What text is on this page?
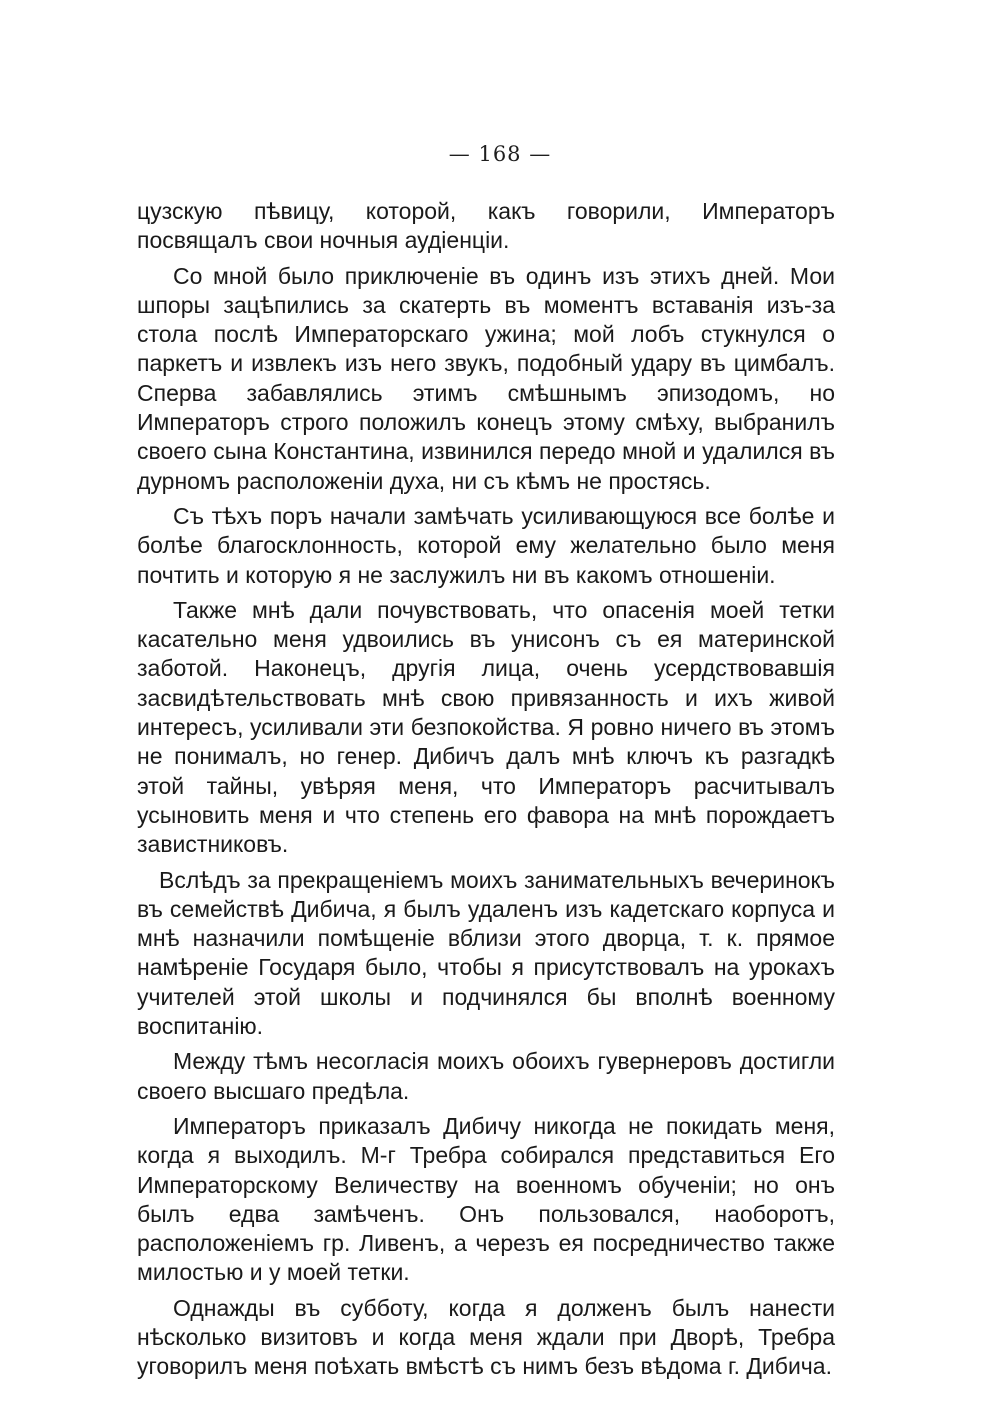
— 168 —

цузскую пѣвицу, которой, какъ говорили, Императоръ посвящалъ свои ночныя аудіенціи.

Со мной было приключеніе въ одинъ изъ этихъ дней. Мои шпоры зацѣпились за скатерть въ моментъ вставанія изъ-за стола послѣ Императорскаго ужина; мой лобъ стукнулся о паркетъ и извлекъ изъ него звукъ, подобный удару въ цимбалъ. Сперва забавлялись этимъ смѣшнымъ эпизодомъ, но Императоръ строго положилъ конецъ этому смѣху, выбранилъ своего сына Константина, извинился передо мной и удалился въ дурномъ расположеніи духа, ни съ кѣмъ не простясь.

Съ тѣхъ поръ начали замѣчать усиливающуюся все болѣе и болѣе благосклонность, которой ему желательно было меня почтить и которую я не заслужилъ ни въ какомъ отношеніи.

Также мнѣ дали почувствовать, что опасенія моей тетки касательно меня удвоились въ унисонъ съ ея материнской заботой. Наконецъ, другія лица, очень усердствовавшія засвидѣтельствовать мнѣ свою привязанность и ихъ живой интересъ, усиливали эти безпокойства. Я ровно ничего въ этомъ не понималъ, но генер. Дибичъ далъ мнѣ ключъ къ разгадкѣ этой тайны, увѣряя меня, что Императоръ расчитывалъ усыновить меня и что степень его фавора на мнѣ порождаетъ завистниковъ.

Вслѣдъ за прекращеніемъ моихъ занимательныхъ вечеринокъ въ семействѣ Дибича, я былъ удаленъ изъ кадетскаго корпуса и мнѣ назначили помѣщеніе вблизи этого дворца, т. к. прямое намѣреніе Государя было, чтобы я присутствовалъ на урокахъ учителей этой школы и подчинялся бы вполнѣ военному воспитанію.

Между тѣмъ несогласія моихъ обоихъ гувернеровъ достигли своего высшаго предѣла.

Императоръ приказалъ Дибичу никогда не покидать меня, когда я выходилъ. М-г Требра собирался представиться Его Императорскому Величеству на военномъ обученіи; но онъ былъ едва замѣченъ. Онъ пользовался, наоборотъ, расположеніемъ гр. Ливенъ, а черезъ ея посредничество также милостью и у моей тетки.

Однажды въ субботу, когда я долженъ былъ нанести нѣсколько визитовъ и когда меня ждали при Дворѣ, Требра уговорилъ меня поѣхать вмѣстѣ съ нимъ безъ вѣдома г. Дибича.
